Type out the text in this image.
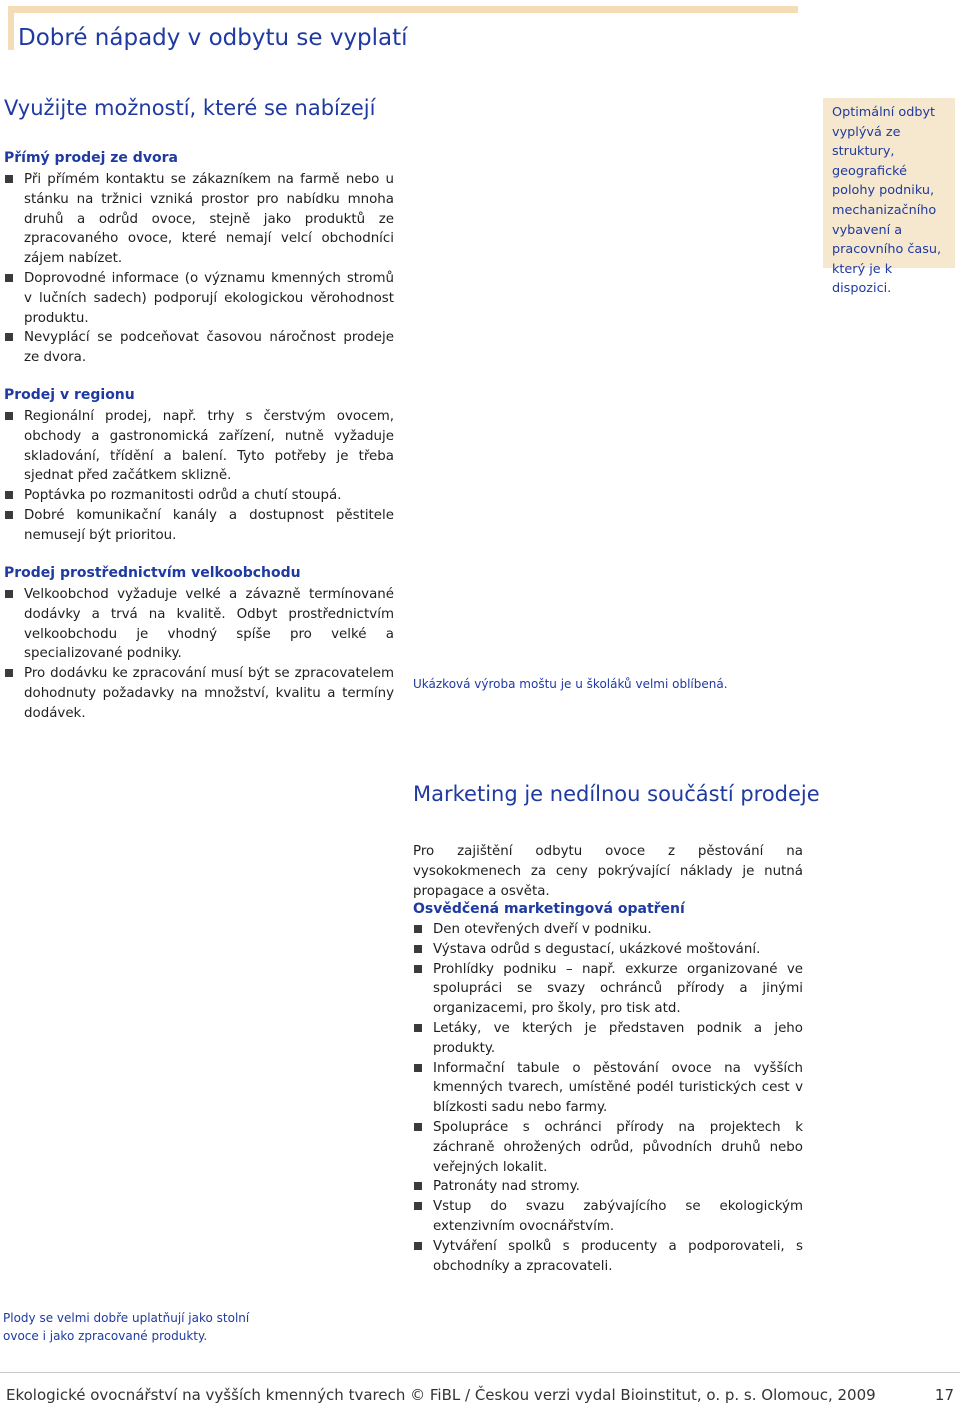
Dobré nápady v odbytu se vyplatí
Využijte možností, které se nabízejí
Přímý prodej ze dvora
Při přímém kontaktu se zákazníkem na farmě nebo u stánku na tržnici vzniká prostor pro nabídku mnoha druhů a odrůd ovoce, stejně jako produktů ze zpracovaného ovoce, které nemají velcí obchodníci zájem nabízet.
Doprovodné informace (o významu kmenných stromů v lučních sadech) podporují ekologickou věrohodnost produktu.
Nevyplácí se podceňovat časovou náročnost prodeje ze dvora.
Prodej v regionu
Regionální prodej, např. trhy s čerstvým ovocem, obchody a gastronomická zařízení, nutně vyžaduje skladování, třídění a balení. Tyto potřeby je třeba sjednat před začátkem sklizně.
Poptávka po rozmanitosti odrůd a chutí stoupá.
Dobré komunikační kanály a dostupnost pěstitele nemusejí být prioritou.
Prodej prostřednictvím velkoobchodu
Velkoobchod vyžaduje velké a závazně termínované dodávky a trvá na kvalitě. Odbyt prostřednictvím velkoobchodu je vhodný spíše pro velké a specializované podniky.
Pro dodávku ke zpracování musí být se zpracovatelem dohodnuty požadavky na množství, kvalitu a termíny dodávek.
Optimální odbyt vyplývá ze struktury, geografické polohy podniku, mechanizačního vybavení a pracovního času, který je k dispozici.
Ukázková výroba moštu je u školáků velmi oblíbená.
Marketing je nedílnou součástí prodeje

Pro zajištění odbytu ovoce z pěstování na vysokokmenech za ceny pokrývající náklady je nutná propagace a osvěta.

Osvědčená marketingová opatření
Den otevřených dveří v podniku.
Výstava odrůd s degustací, ukázkové moštování.
Prohlídky podniku – např. exkurze organizované ve spolupráci se svazy ochránců přírody a jinými organizacemi, pro školy, pro tisk atd.
Letáky, ve kterých je představen podnik a jeho produkty.
Informační tabule o pěstování ovoce na vyšších kmenných tvarech, umístěné podél turistických cest v blízkosti sadu nebo farmy.
Spolupráce s ochránci přírody na projektech k záchraně ohrožených odrůd, původních druhů nebo veřejných lokalit.
Patronáty nad stromy.
Vstup do svazu zabývajícího se ekologickým extenzivním ovocnářstvím.
Vytváření spolků s producenty a podporovateli, s obchodníky a zpracovateli.
Plody se velmi dobře uplatňují jako stolní ovoce i jako zpracované produkty.
Ekologické ovocnářství na vyšších kmenných tvarech © FiBL / Českou verzi vydal Bioinstitut, o. p. s. Olomouc, 2009	17
